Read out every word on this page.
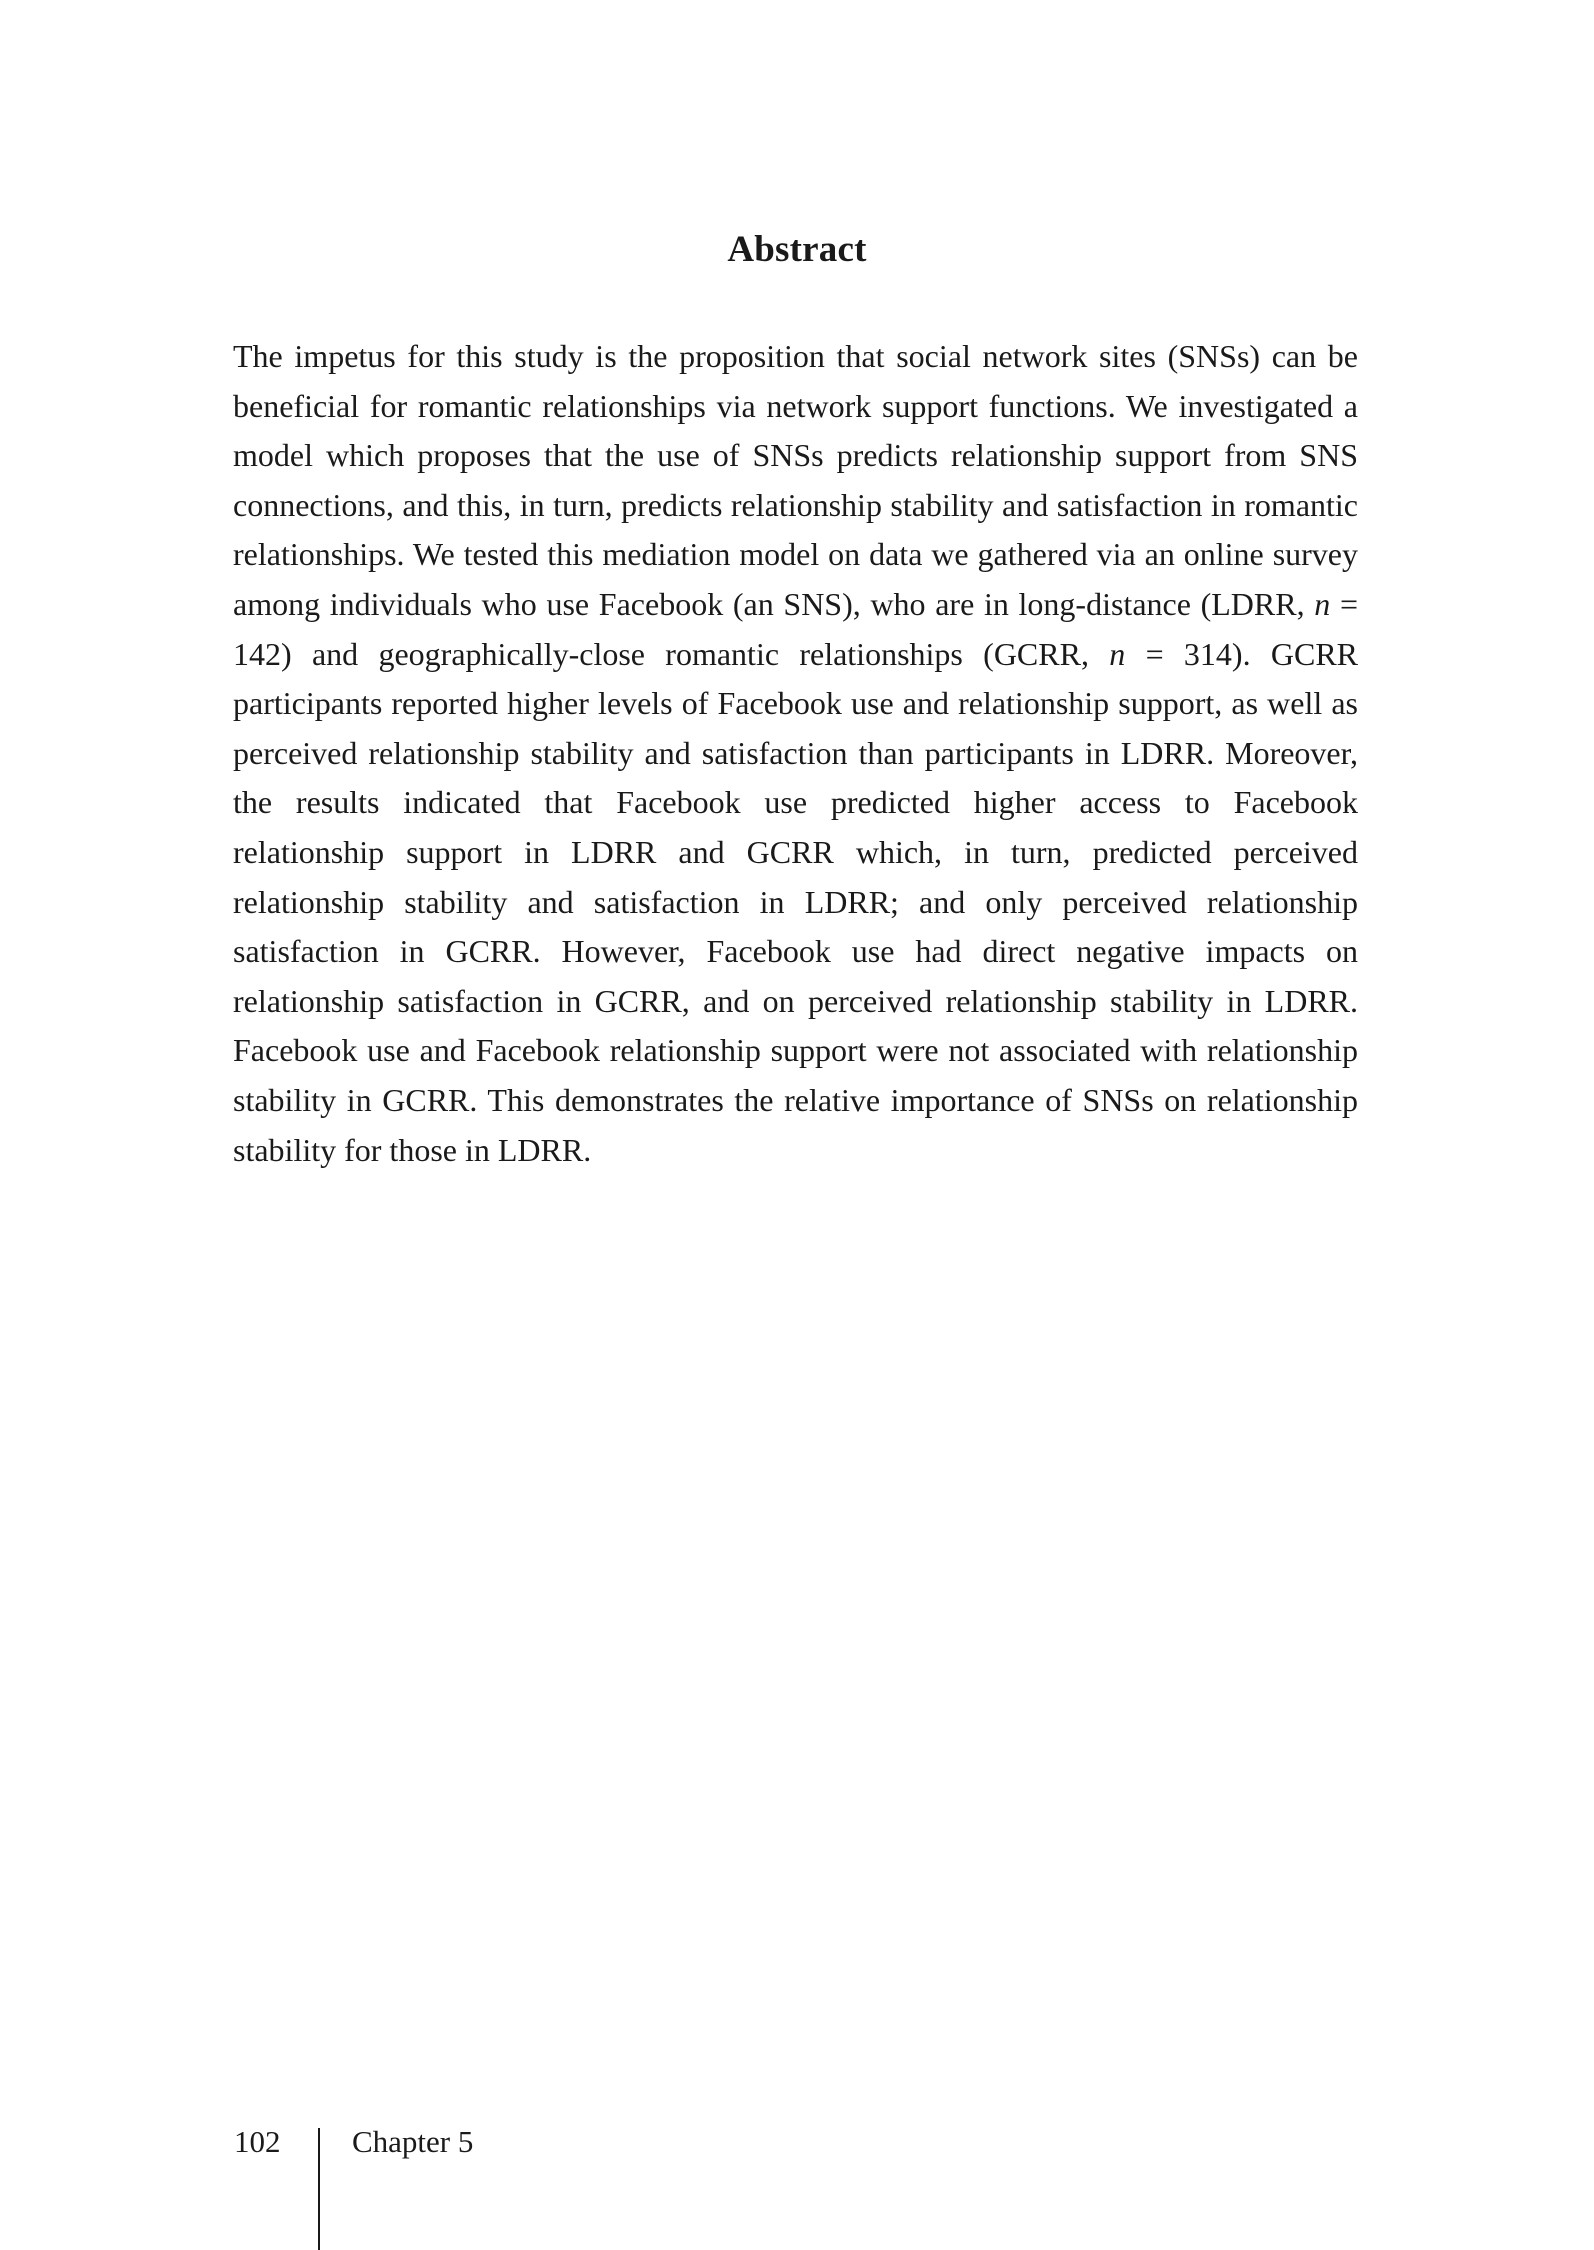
Abstract

The impetus for this study is the proposition that social network sites (SNSs) can be beneficial for romantic relationships via network support functions. We investigated a model which proposes that the use of SNSs predicts relationship support from SNS connections, and this, in turn, predicts relationship stability and satisfaction in romantic relationships. We tested this mediation model on data we gathered via an online survey among individuals who use Facebook (an SNS), who are in long-distance (LDRR, n = 142) and geographically-close romantic relationships (GCRR, n = 314). GCRR participants reported higher levels of Facebook use and relationship support, as well as perceived relationship stability and satisfaction than participants in LDRR. Moreover, the results indicated that Facebook use predicted higher access to Facebook relationship support in LDRR and GCRR which, in turn, predicted perceived relationship stability and satisfaction in LDRR; and only perceived relationship satisfaction in GCRR. However, Facebook use had direct negative impacts on relationship satisfaction in GCRR, and on perceived relationship stability in LDRR. Facebook use and Facebook relationship support were not associated with relationship stability in GCRR. This demonstrates the relative importance of SNSs on relationship stability for those in LDRR.

102 Chapter 5
